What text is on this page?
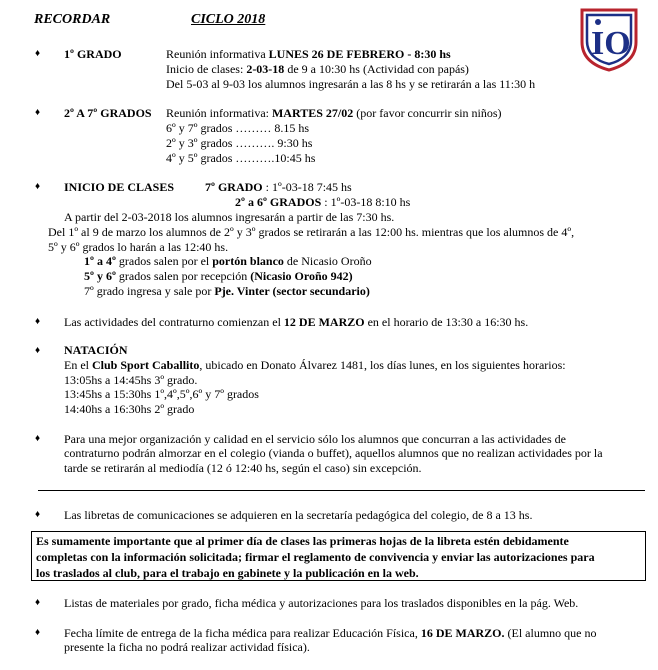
RECORDAR	CICLO 2018
IO
♦ 1º GRADO	Reunión informativa LUNES 26 DE FEBRERO - 8:30 hs
Inicio de clases: 2-03-18 de 9 a 10:30 hs (Actividad con papás)
Del 5-03 al 9-03 los alumnos ingresarán a las 8 hs y se retirarán a las 11:30 h
♦ 2º A 7º GRADOS Reunión informativa: MARTES 27/02 (por favor concurrir sin niños)
6º y 7º grados ……… 8.15 hs
2º y 3º grados ………. 9:30 hs
4º y 5º grados ……….10:45 hs
♦ INICIO DE CLASES	7º GRADO : 1º-03-18 7:45 hs
2º a 6º GRADOS : 1º-03-18 8:10 hs
A partir del 2-03-2018 los alumnos ingresarán a partir de las 7:30 hs.
Del 1º al 9 de marzo los alumnos de 2º y 3º grados se retirarán a las 12:00 hs. mientras que los alumnos de 4º,
5º y 6º grados lo harán a las 12:40 hs.
1º a 4º grados salen por el portón blanco de Nicasio Oroño
5º y 6º grados salen por recepción (Nicasio Oroño 942)
7º grado ingresa y sale por Pje. Vinter (sector secundario)
♦ Las actividades del contraturno comienzan el 12 DE MARZO en el horario de 13:30 a 16:30 hs.
♦ NATACIÓN
En el Club Sport Caballito, ubicado en Donato Álvarez 1481, los días lunes, en los siguientes horarios:
13:05hs a 14:45hs 3º grado.
13:45hs a 15:30hs 1º,4º,5º,6º y 7º grados
14:40hs a 16:30hs 2º grado
♦ Para una mejor organización y calidad en el servicio sólo los alumnos que concurran a las actividades de
contraturno podrán almorzar en el colegio (vianda o buffet), aquellos alumnos que no realizan actividades por la
tarde se retirarán al mediodía (12 ó 12:40 hs, según el caso) sin excepción.
♦ Las libretas de comunicaciones se adquieren en la secretaría pedagógica del colegio, de 8 a 13 hs.
Es sumamente importante que al primer día de clases las primeras hojas de la libreta estén debidamente
completas con la información solicitada; firmar el reglamento de convivencia y enviar las autorizaciones para
los traslados al club, para el trabajo en gabinete y la publicación en la web.
♦ Listas de materiales por grado, ficha médica y autorizaciones para los traslados disponibles en la pág. Web.
♦ Fecha límite de entrega de la ficha médica para realizar Educación Física, 16 DE MARZO. (El alumno que no
presente la ficha no podrá realizar actividad física).
